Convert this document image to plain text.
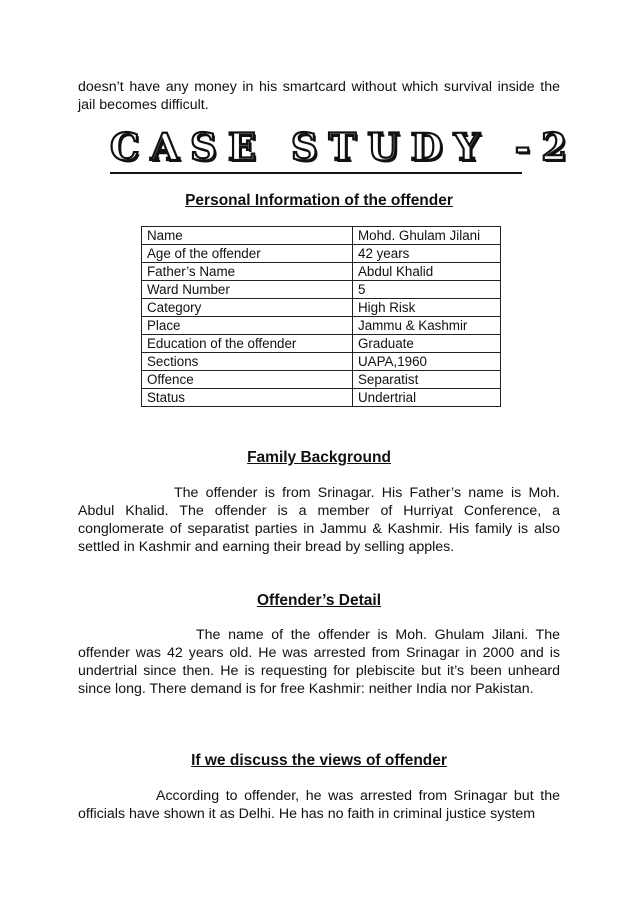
doesn’t have any money in his smartcard without which survival inside the jail becomes difficult.

CASE STUDY -2
Personal Information of the offender
Name	Mohd. Ghulam Jilani
Age of the offender	42 years
Father’s Name	Abdul Khalid
Ward Number	5
Category	High Risk
Place	Jammu & Kashmir
Education of the offender	Graduate
Sections	UAPA,1960
Offence	Separatist
Status	Undertrial
Family Background

The offender is from Srinagar. His Father’s name is Moh. Abdul Khalid. The offender is a member of Hurriyat Conference, a conglomerate of separatist parties in Jammu & Kashmir. His family is also settled in Kashmir and earning their bread by selling apples.

Offender’s Detail

The name of the offender is Moh. Ghulam Jilani. The offender was 42 years old. He was arrested from Srinagar in 2000 and is undertrial since then. He is requesting for plebiscite but it’s been unheard since long. There demand is for free Kashmir: neither India nor Pakistan.

If we discuss the views of offender

According to offender, he was arrested from Srinagar but the officials have shown it as Delhi. He has no faith in criminal justice system
